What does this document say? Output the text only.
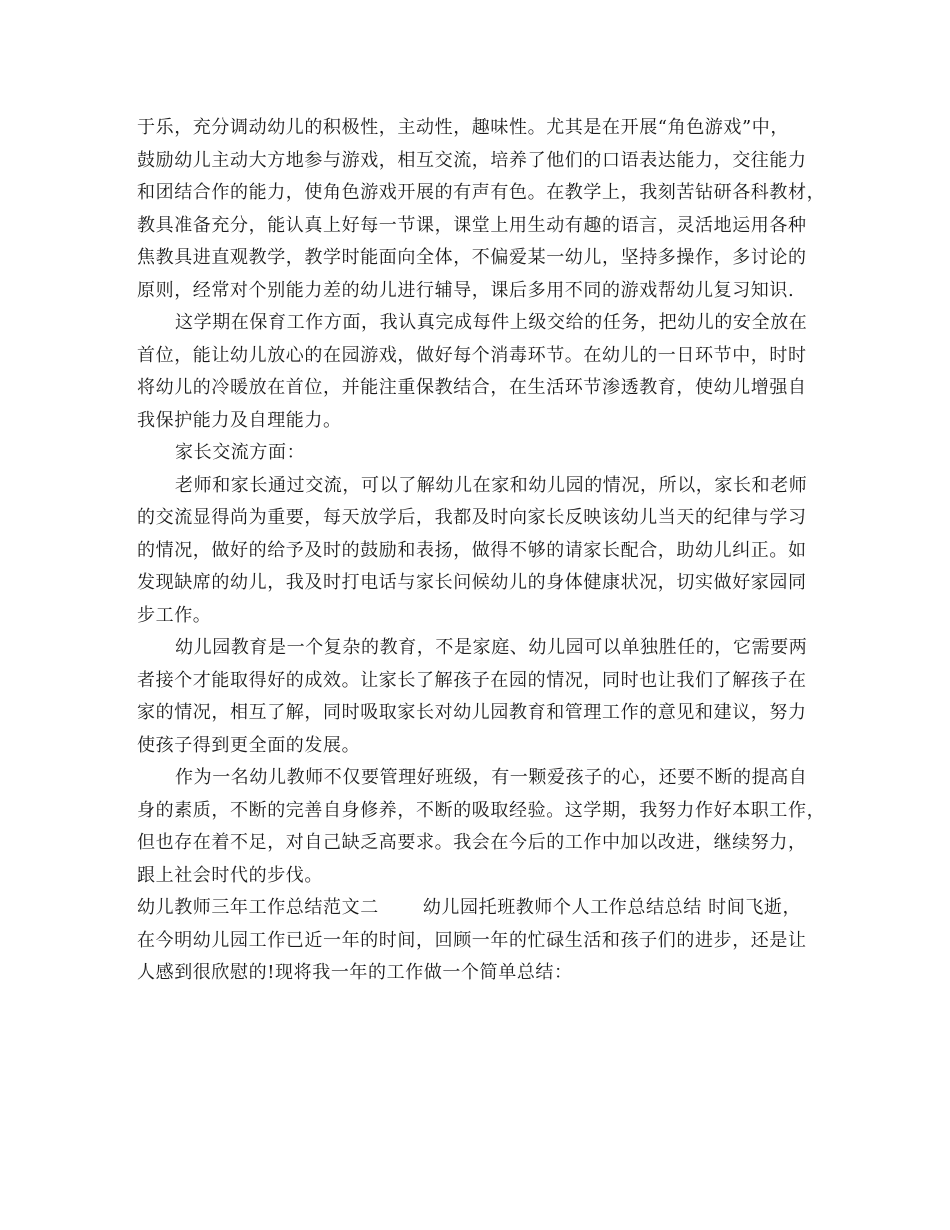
于乐，充分调动幼儿的积极性，主动性，趣味性。尤其是在开展“角色游戏”中，
鼓励幼儿主动大方地参与游戏，相互交流，培养了他们的口语表达能力，交往能力
和团结合作的能力，使角色游戏开展的有声有色。在教学上，我刻苦钻研各科教材，
教具准备充分，能认真上好每一节课，课堂上用生动有趣的语言，灵活地运用各种
焦教具进直观教学，教学时能面向全体，不偏爱某一幼儿，坚持多操作，多讨论的
原则，经常对个别能力差的幼儿进行辅导，课后多用不同的游戏帮幼儿复习知识.
这学期在保育工作方面，我认真完成每件上级交给的任务，把幼儿的安全放在
首位，能让幼儿放心的在园游戏，做好每个消毒环节。在幼儿的一日环节中，时时
将幼儿的冷暖放在首位，并能注重保教结合，在生活环节渗透教育，使幼儿增强自
我保护能力及自理能力。
家长交流方面：
老师和家长通过交流，可以了解幼儿在家和幼儿园的情况，所以，家长和老师
的交流显得尚为重要，每天放学后，我都及时向家长反映该幼儿当天的纪律与学习
的情况，做好的给予及时的鼓励和表扬，做得不够的请家长配合，助幼儿纠正。如
发现缺席的幼儿，我及时打电话与家长问候幼儿的身体健康状况，切实做好家园同
步工作。
幼儿园教育是一个复杂的教育，不是家庭、幼儿园可以单独胜任的，它需要两
者接个才能取得好的成效。让家长了解孩子在园的情况，同时也让我们了解孩子在
家的情况，相互了解，同时吸取家长对幼儿园教育和管理工作的意见和建议，努力
使孩子得到更全面的发展。
作为一名幼儿教师不仅要管理好班级，有一颗爱孩子的心，还要不断的提高自
身的素质，不断的完善自身修养，不断的吸取经验。这学期，我努力作好本职工作，
但也存在着不足，对自己缺乏高要求。我会在今后的工作中加以改进，继续努力，
跟上社会时代的步伐。
幼儿教师三年工作总结范文二 幼儿园托班教师个人工作总结总结 时间飞逝，
在今明幼儿园工作已近一年的时间，回顾一年的忙碌生活和孩子们的进步，还是让
人感到很欣慰的!现将我一年的工作做一个简单总结：
